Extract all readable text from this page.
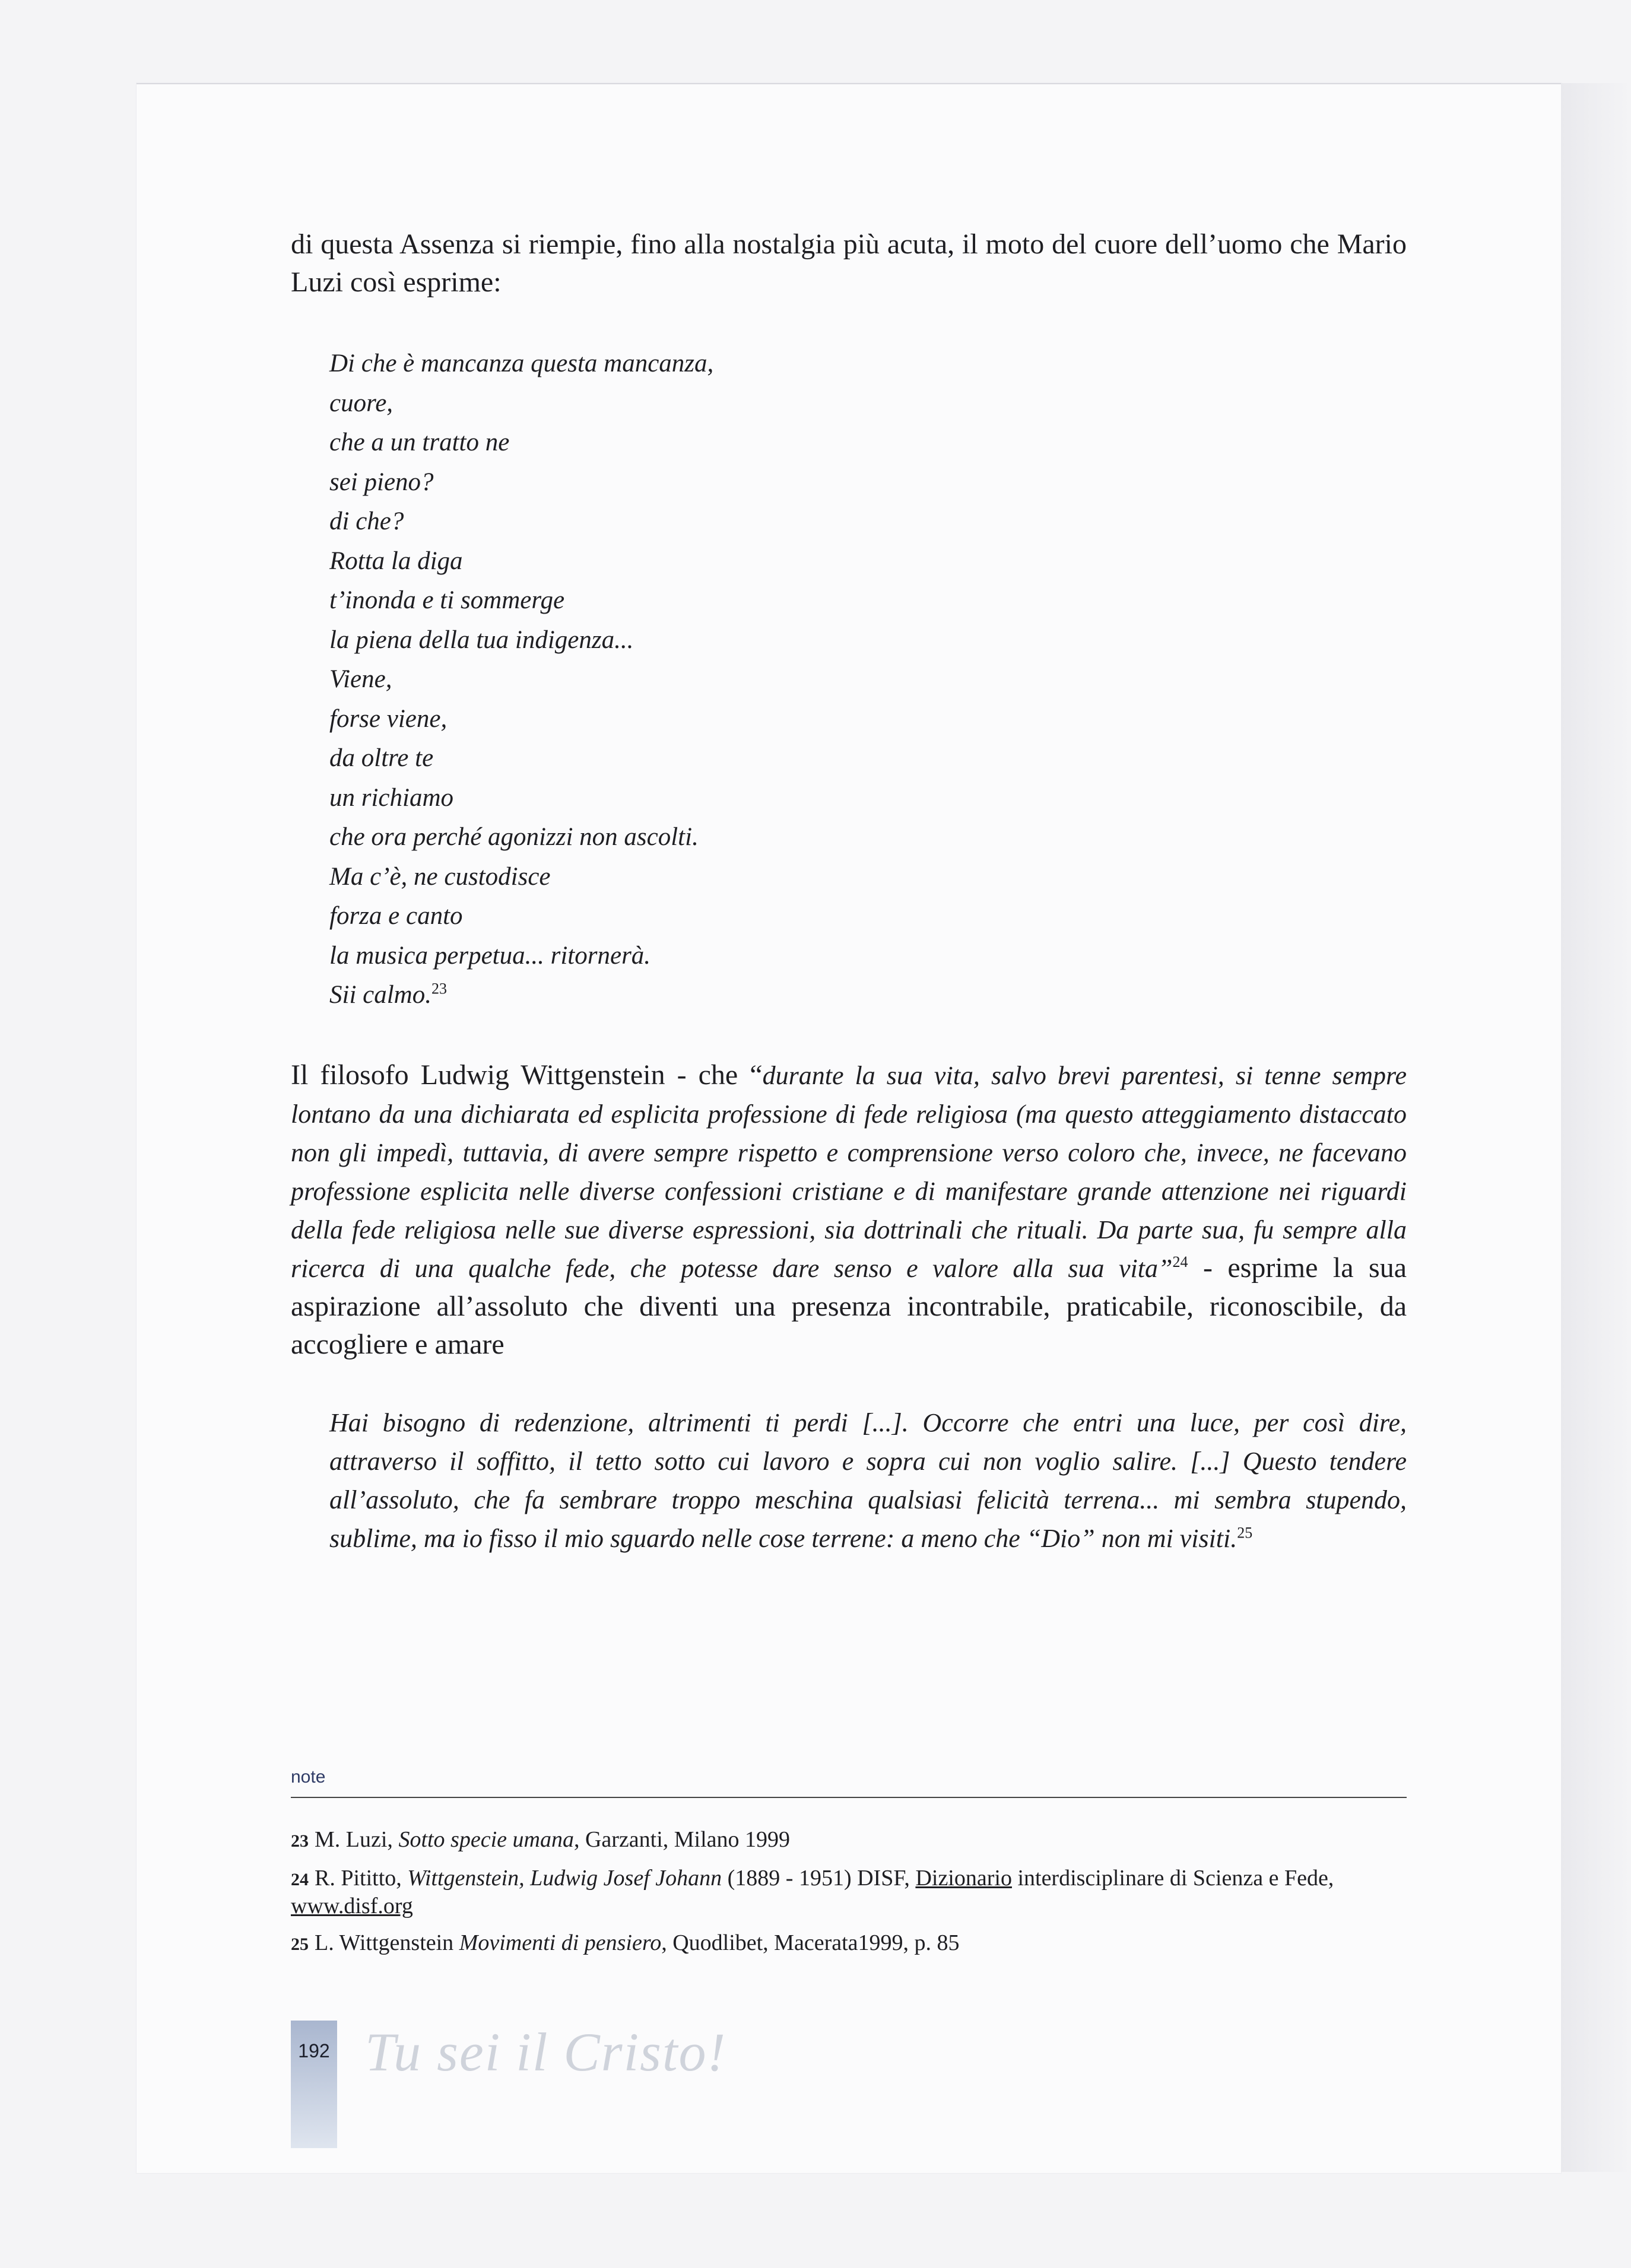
di questa Assenza si riempie, fino alla nostalgia più acuta, il moto del cuore dell’uomo che Mario Luzi così esprime:

Di che è mancanza questa mancanza,
cuore,
che a un tratto ne
sei pieno?
di che?
Rotta la diga
t’inonda e ti sommerge
la piena della tua indigenza...
Viene,
forse viene,
da oltre te
un richiamo
che ora perché agonizzi non ascolti.
Ma c’è, ne custodisce
forza e canto
la musica perpetua... ritornerà.
Sii calmo.$^{23}$

Il filosofo Ludwig Wittgenstein - che “durante la sua vita, salvo brevi parentesi, si tenne sempre lontano da una dichiarata ed esplicita professione di fede religiosa (ma questo atteggiamento distaccato non gli impedì, tuttavia, di avere sempre rispetto e comprensione verso coloro che, invece, ne facevano professione esplicita nelle diverse confessioni cristiane e di manifestare grande attenzione nei riguardi della fede religiosa nelle sue diverse espressioni, sia dottrinali che rituali. Da parte sua, fu sempre alla ricerca di una qualche fede, che potesse dare senso e valore alla sua vita”$^{24}$ - esprime la sua aspirazione all’assoluto che diventi una presenza incontrabile, praticabile, riconoscibile, da accogliere e amare

Hai bisogno di redenzione, altrimenti ti perdi [...]. Occorre che entri una luce, per così dire, attraverso il soffitto, il tetto sotto cui lavoro e sopra cui non voglio salire. [...] Questo tendere all’assoluto, che fa sembrare troppo meschina qualsiasi felicità terrena... mi sembra stupendo, sublime, ma io fisso il mio sguardo nelle cose terrene: a meno che “Dio” non mi visiti.$^{25}$

note
23 M. Luzi, Sotto specie umana, Garzanti, Milano 1999
24 R. Pititto, Wittgenstein, Ludwig Josef Johann (1889 - 1951) DISF, Dizionario interdisciplinare di Scienza e Fede, www.disf.org
25 L. Wittgenstein Movimenti di pensiero, Quodlibet, Macerata1999, p. 85
192 Tu sei il Cristo!
